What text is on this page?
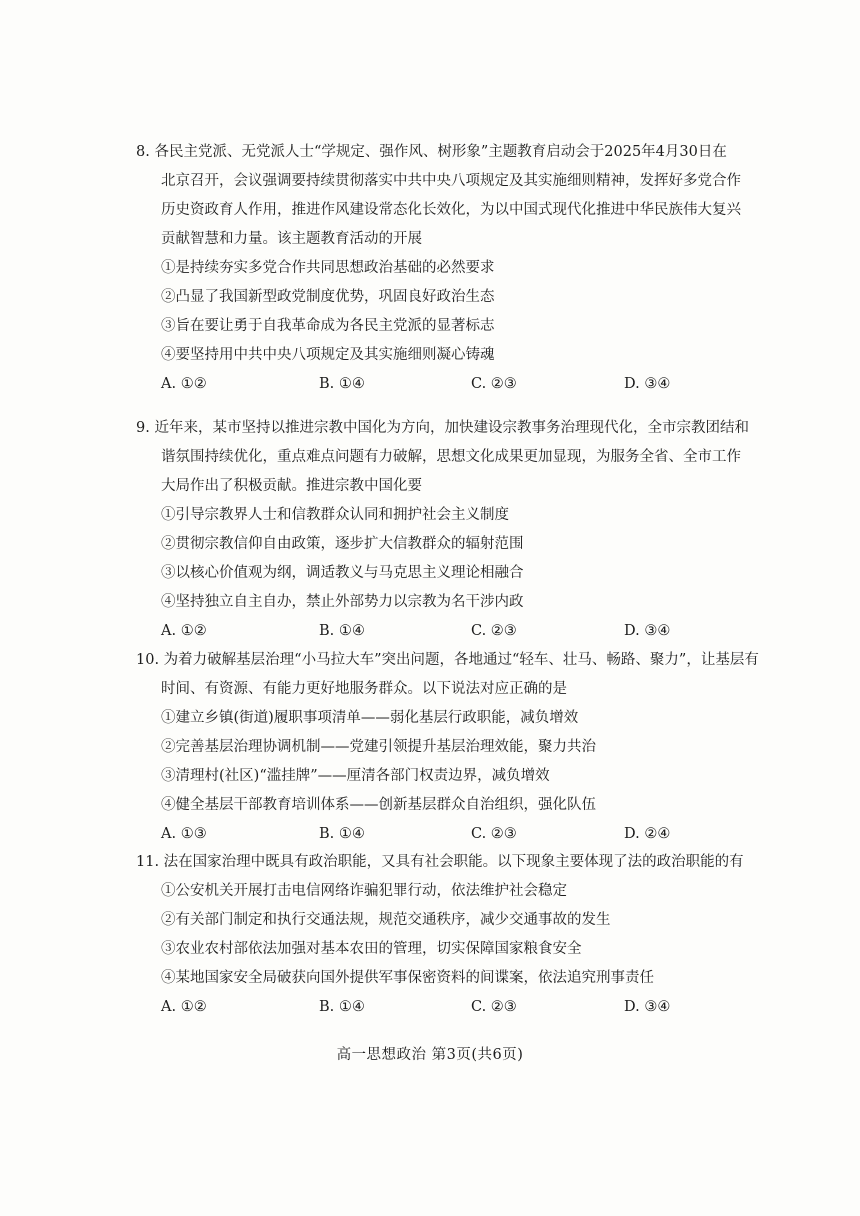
8. 各民主党派、无党派人士“学规定、强作风、树形象”主题教育启动会于2025年4月30日在
北京召开，会议强调要持续贯彻落实中共中央八项规定及其实施细则精神，发挥好多党合作
历史资政育人作用，推进作风建设常态化长效化，为以中国式现代化推进中华民族伟大复兴
贡献智慧和力量。该主题教育活动的开展
①是持续夯实多党合作共同思想政治基础的必然要求
②凸显了我国新型政党制度优势，巩固良好政治生态
③旨在要让勇于自我革命成为各民主党派的显著标志
④要坚持用中共中央八项规定及其实施细则凝心铸魂
A. ①②	B. ①④	C. ②③	D. ③④
9. 近年来，某市坚持以推进宗教中国化为方向，加快建设宗教事务治理现代化，全市宗教团结和
谐氛围持续优化，重点难点问题有力破解，思想文化成果更加显现，为服务全省、全市工作
大局作出了积极贡献。推进宗教中国化要
①引导宗教界人士和信教群众认同和拥护社会主义制度
②贯彻宗教信仰自由政策，逐步扩大信教群众的辐射范围
③以核心价值观为纲，调适教义与马克思主义理论相融合
④坚持独立自主自办，禁止外部势力以宗教为名干涉内政
A. ①②	B. ①④	C. ②③	D. ③④
10. 为着力破解基层治理“小马拉大车”突出问题，各地通过“轻车、壮马、畅路、聚力”，让基层有
时间、有资源、有能力更好地服务群众。以下说法对应正确的是
①建立乡镇(街道)履职事项清单——弱化基层行政职能，减负增效
②完善基层治理协调机制——党建引领提升基层治理效能，聚力共治
③清理村(社区)“滥挂牌”——厘清各部门权责边界，减负增效
④健全基层干部教育培训体系——创新基层群众自治组织，强化队伍
A. ①③	B. ①④	C. ②③	D. ②④
11. 法在国家治理中既具有政治职能，又具有社会职能。以下现象主要体现了法的政治职能的有
①公安机关开展打击电信网络诈骗犯罪行动，依法维护社会稳定
②有关部门制定和执行交通法规，规范交通秩序，减少交通事故的发生
③农业农村部依法加强对基本农田的管理，切实保障国家粮食安全
④某地国家安全局破获向国外提供军事保密资料的间谍案，依法追究刑事责任
A. ①②	B. ①④	C. ②③	D. ③④
高一思想政治 第3页(共6页)
